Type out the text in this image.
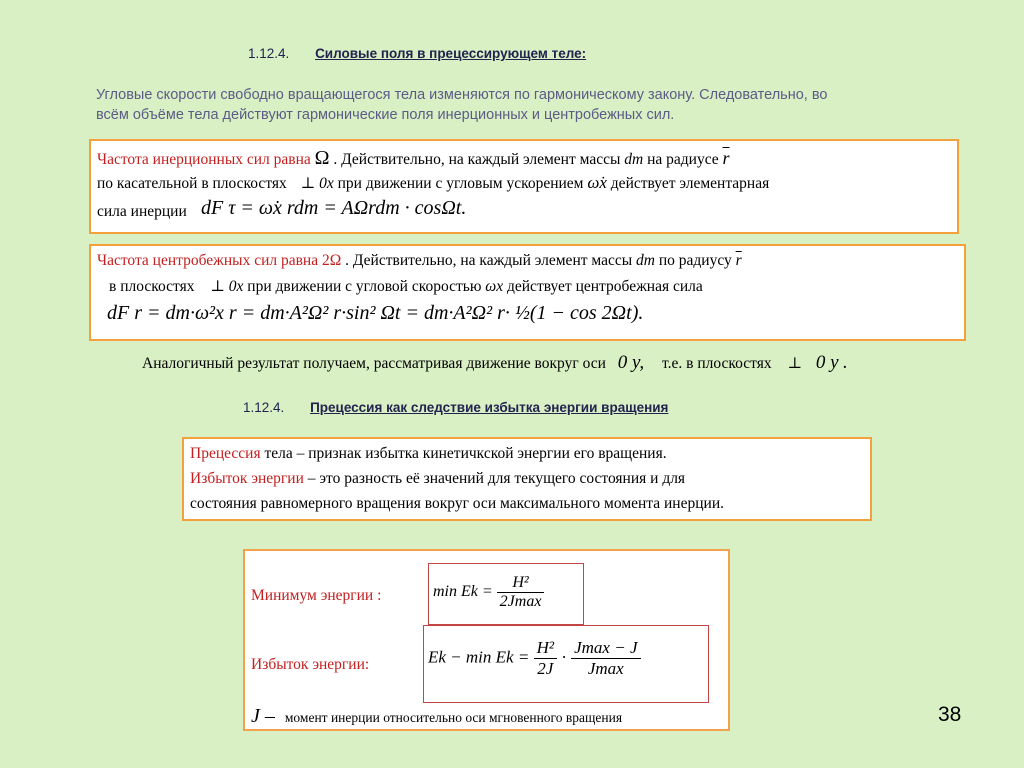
1.12.4. Силовые поля в прецессирующем теле:
Угловые скорости свободно вращающегося тела изменяются по гармоническому закону. Следовательно, во
всём объёме тела действуют гармонические поля инерционных и центробежных сил.
Частота инерционных сил равна Ω . Действительно, на каждый элемент массы dm на радиусе $\overline{r}$
по касательной в плоскостях ⊥ 0x при движении с угловым ускорением ω̇x действует элементарная
сила инерции dF τ = ω̇x rdm = AΩrdm · cosΩt.
Частота центробежных сил равна 2Ω . Действительно, на каждый элемент массы dm по радиусу $\overline{r}$
в плоскостях ⊥ 0x при движении с угловой скоростью ωx действует центробежная сила
dF r = dm·ω²x r = dm·A²Ω² r·sin² Ωt = dm·A²Ω² r· ½(1 − cos 2Ωt).
Аналогичный результат получаем, рассматривая движение вокруг оси 0 y, т.е. в плоскостях ⊥ 0 y .
1.12.4. Прецессия как следствие избытка энергии вращения
Прецессия тела – признак избытка кинетичкской энергии его вращения.
Избыток энергии – это разность её значений для текущего состояния и для
состояния равномерного вращения вокруг оси максимального момента инерции.
Минимум энергии :	$\min Ek = \frac{\text{H²}}{2Jmax}$
Избыток энергии:	$Ek - \min Ek = \frac{\text{H²}}{2J} \cdot \frac{Jmax - J}{Jmax}$
J – момент инерции относительно оси мгновенного вращения	38
